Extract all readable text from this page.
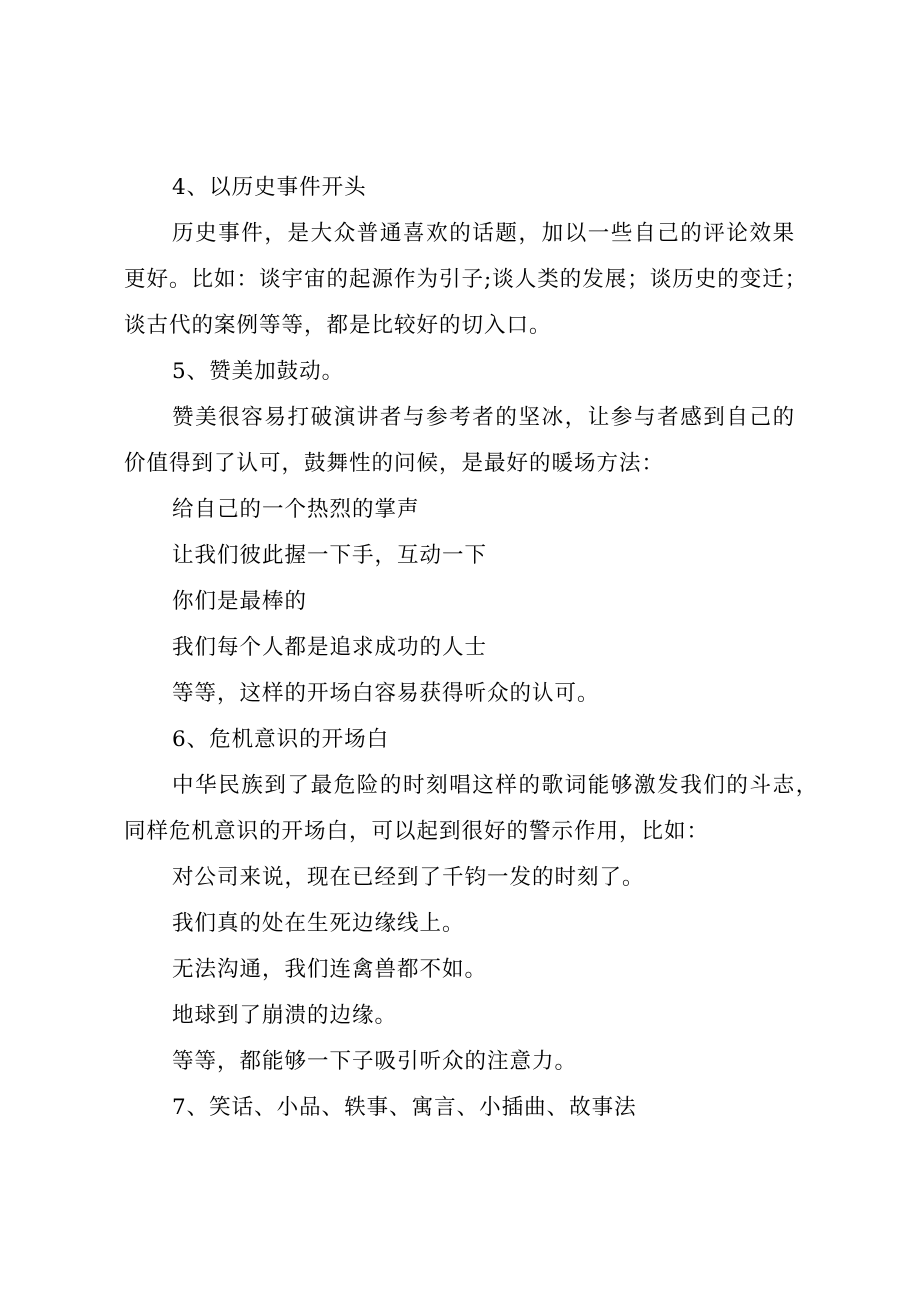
4、以历史事件开头
历史事件，是大众普通喜欢的话题，加以一些自己的评论效果
更好。比如：谈宇宙的起源作为引子;谈人类的发展；谈历史的变迁；
谈古代的案例等等，都是比较好的切入口。
5、赞美加鼓动。
赞美很容易打破演讲者与参考者的坚冰，让参与者感到自己的
价值得到了认可，鼓舞性的问候，是最好的暖场方法：
给自己的一个热烈的掌声
让我们彼此握一下手，互动一下
你们是最棒的
我们每个人都是追求成功的人士
等等，这样的开场白容易获得听众的认可。
6、危机意识的开场白
中华民族到了最危险的时刻唱这样的歌词能够激发我们的斗志，
同样危机意识的开场白，可以起到很好的警示作用，比如：
对公司来说，现在已经到了千钧一发的时刻了。
我们真的处在生死边缘线上。
无法沟通，我们连禽兽都不如。
地球到了崩溃的边缘。
等等，都能够一下子吸引听众的注意力。
7、笑话、小品、轶事、寓言、小插曲、故事法
